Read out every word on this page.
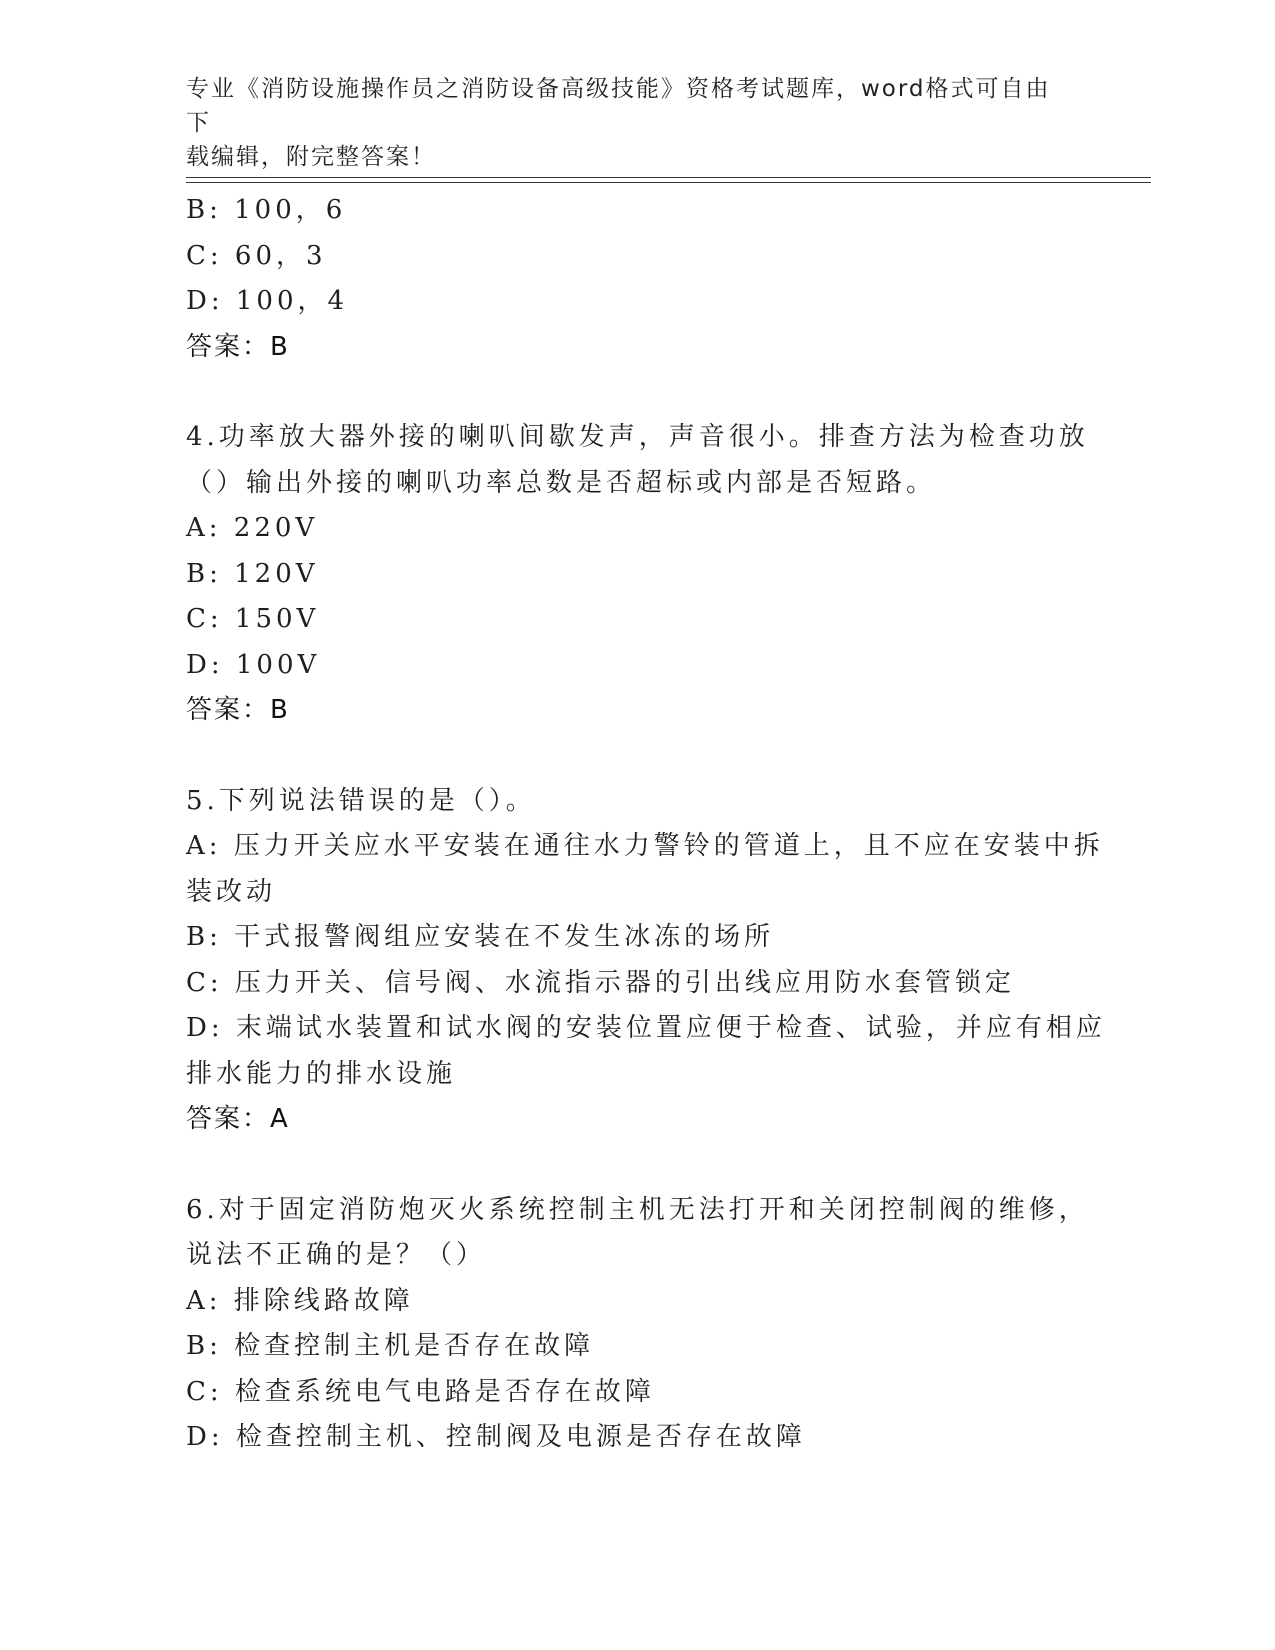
专业《消防设施操作员之消防设备高级技能》资格考试题库，word格式可自由下
载编辑，附完整答案！
B: 100，6
C: 60，3
D: 100，4
答案：B
4.功率放大器外接的喇叭间歇发声，声音很小。排查方法为检查功放
（）输出外接的喇叭功率总数是否超标或内部是否短路。
A: 220V
B: 120V
C: 150V
D: 100V
答案：B
5.下列说法错误的是（）。
A: 压力开关应水平安装在通往水力警铃的管道上，且不应在安装中拆
装改动
B: 干式报警阀组应安装在不发生冰冻的场所
C: 压力开关、信号阀、水流指示器的引出线应用防水套管锁定
D: 末端试水装置和试水阀的安装位置应便于检查、试验，并应有相应
排水能力的排水设施
答案：A
6.对于固定消防炮灭火系统控制主机无法打开和关闭控制阀的维修，
说法不正确的是？（）
A: 排除线路故障
B: 检查控制主机是否存在故障
C: 检查系统电气电路是否存在故障
D: 检查控制主机、控制阀及电源是否存在故障
